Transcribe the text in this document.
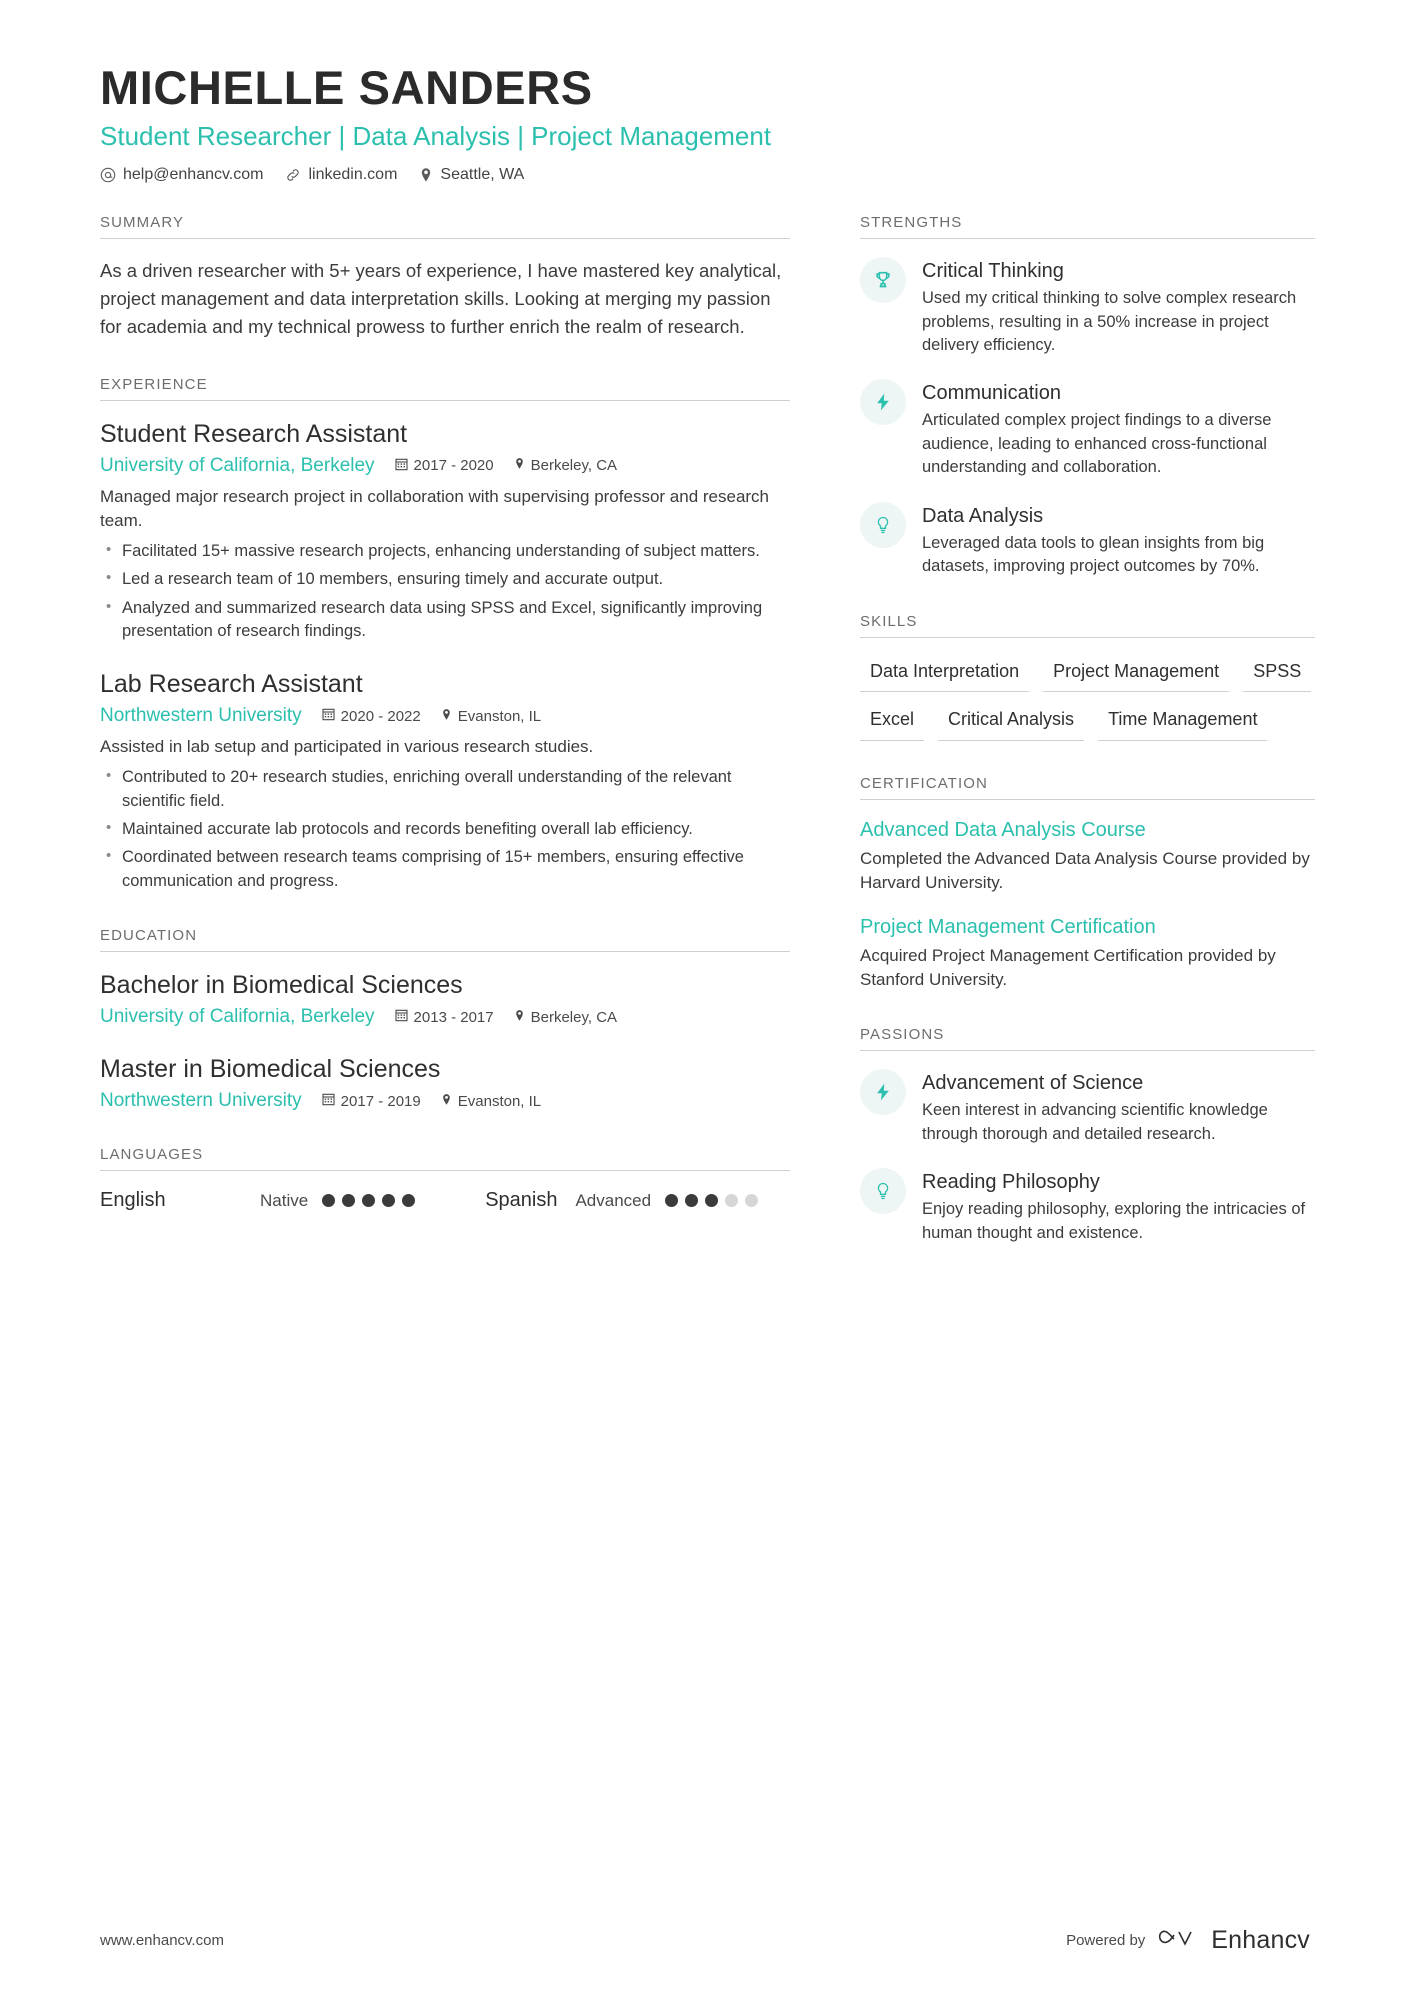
MICHELLE SANDERS
Student Researcher | Data Analysis | Project Management
help@enhancv.com	linkedin.com	Seattle, WA
SUMMARY

As a driven researcher with 5+ years of experience, I have mastered key analytical, project management and data interpretation skills. Looking at merging my passion for academia and my technical prowess to further enrich the realm of research.

EXPERIENCE
Student Research Assistant
University of California, Berkeley	2017 - 2020 Berkeley, CA

Managed major research project in collaboration with supervising professor and research team.

• Facilitated 15+ massive research projects, enhancing understanding of subject matters.
• Led a research team of 10 members, ensuring timely and accurate output.
• Analyzed and summarized research data using SPSS and Excel, significantly improving presentation of research findings.
Lab Research Assistant
Northwestern University	2020 - 2022 Evanston, IL

Assisted in lab setup and participated in various research studies.

• Contributed to 20+ research studies, enriching overall understanding of the relevant scientific field.
• Maintained accurate lab protocols and records benefiting overall lab efficiency.
• Coordinated between research teams comprising of 15+ members, ensuring effective communication and progress.
EDUCATION
Bachelor in Biomedical Sciences
University of California, Berkeley	2013 - 2017 Berkeley, CA
Master in Biomedical Sciences
Northwestern University	2017 - 2019 Evanston, IL
LANGUAGES
English	Native	Spanish Advanced
STRENGTHS
Critical Thinking

Used my critical thinking to solve complex research problems, resulting in a 50% increase in project delivery efficiency.

Communication

Articulated complex project findings to a diverse audience, leading to enhanced cross-functional understanding and collaboration.

Data Analysis

Leveraged data tools to glean insights from big datasets, improving project outcomes by 70%.

SKILLS
Data Interpretation	Project Management	SPSS
Excel	Critical Analysis	Time Management
CERTIFICATION
Advanced Data Analysis Course

Completed the Advanced Data Analysis Course provided by Harvard University.

Project Management Certification

Acquired Project Management Certification provided by Stanford University.

PASSIONS
Advancement of Science

Keen interest in advancing scientific knowledge through thorough and detailed research.

Reading Philosophy

Enjoy reading philosophy, exploring the intricacies of human thought and existence.

www.enhancv.com	Powered by	Enhancv
